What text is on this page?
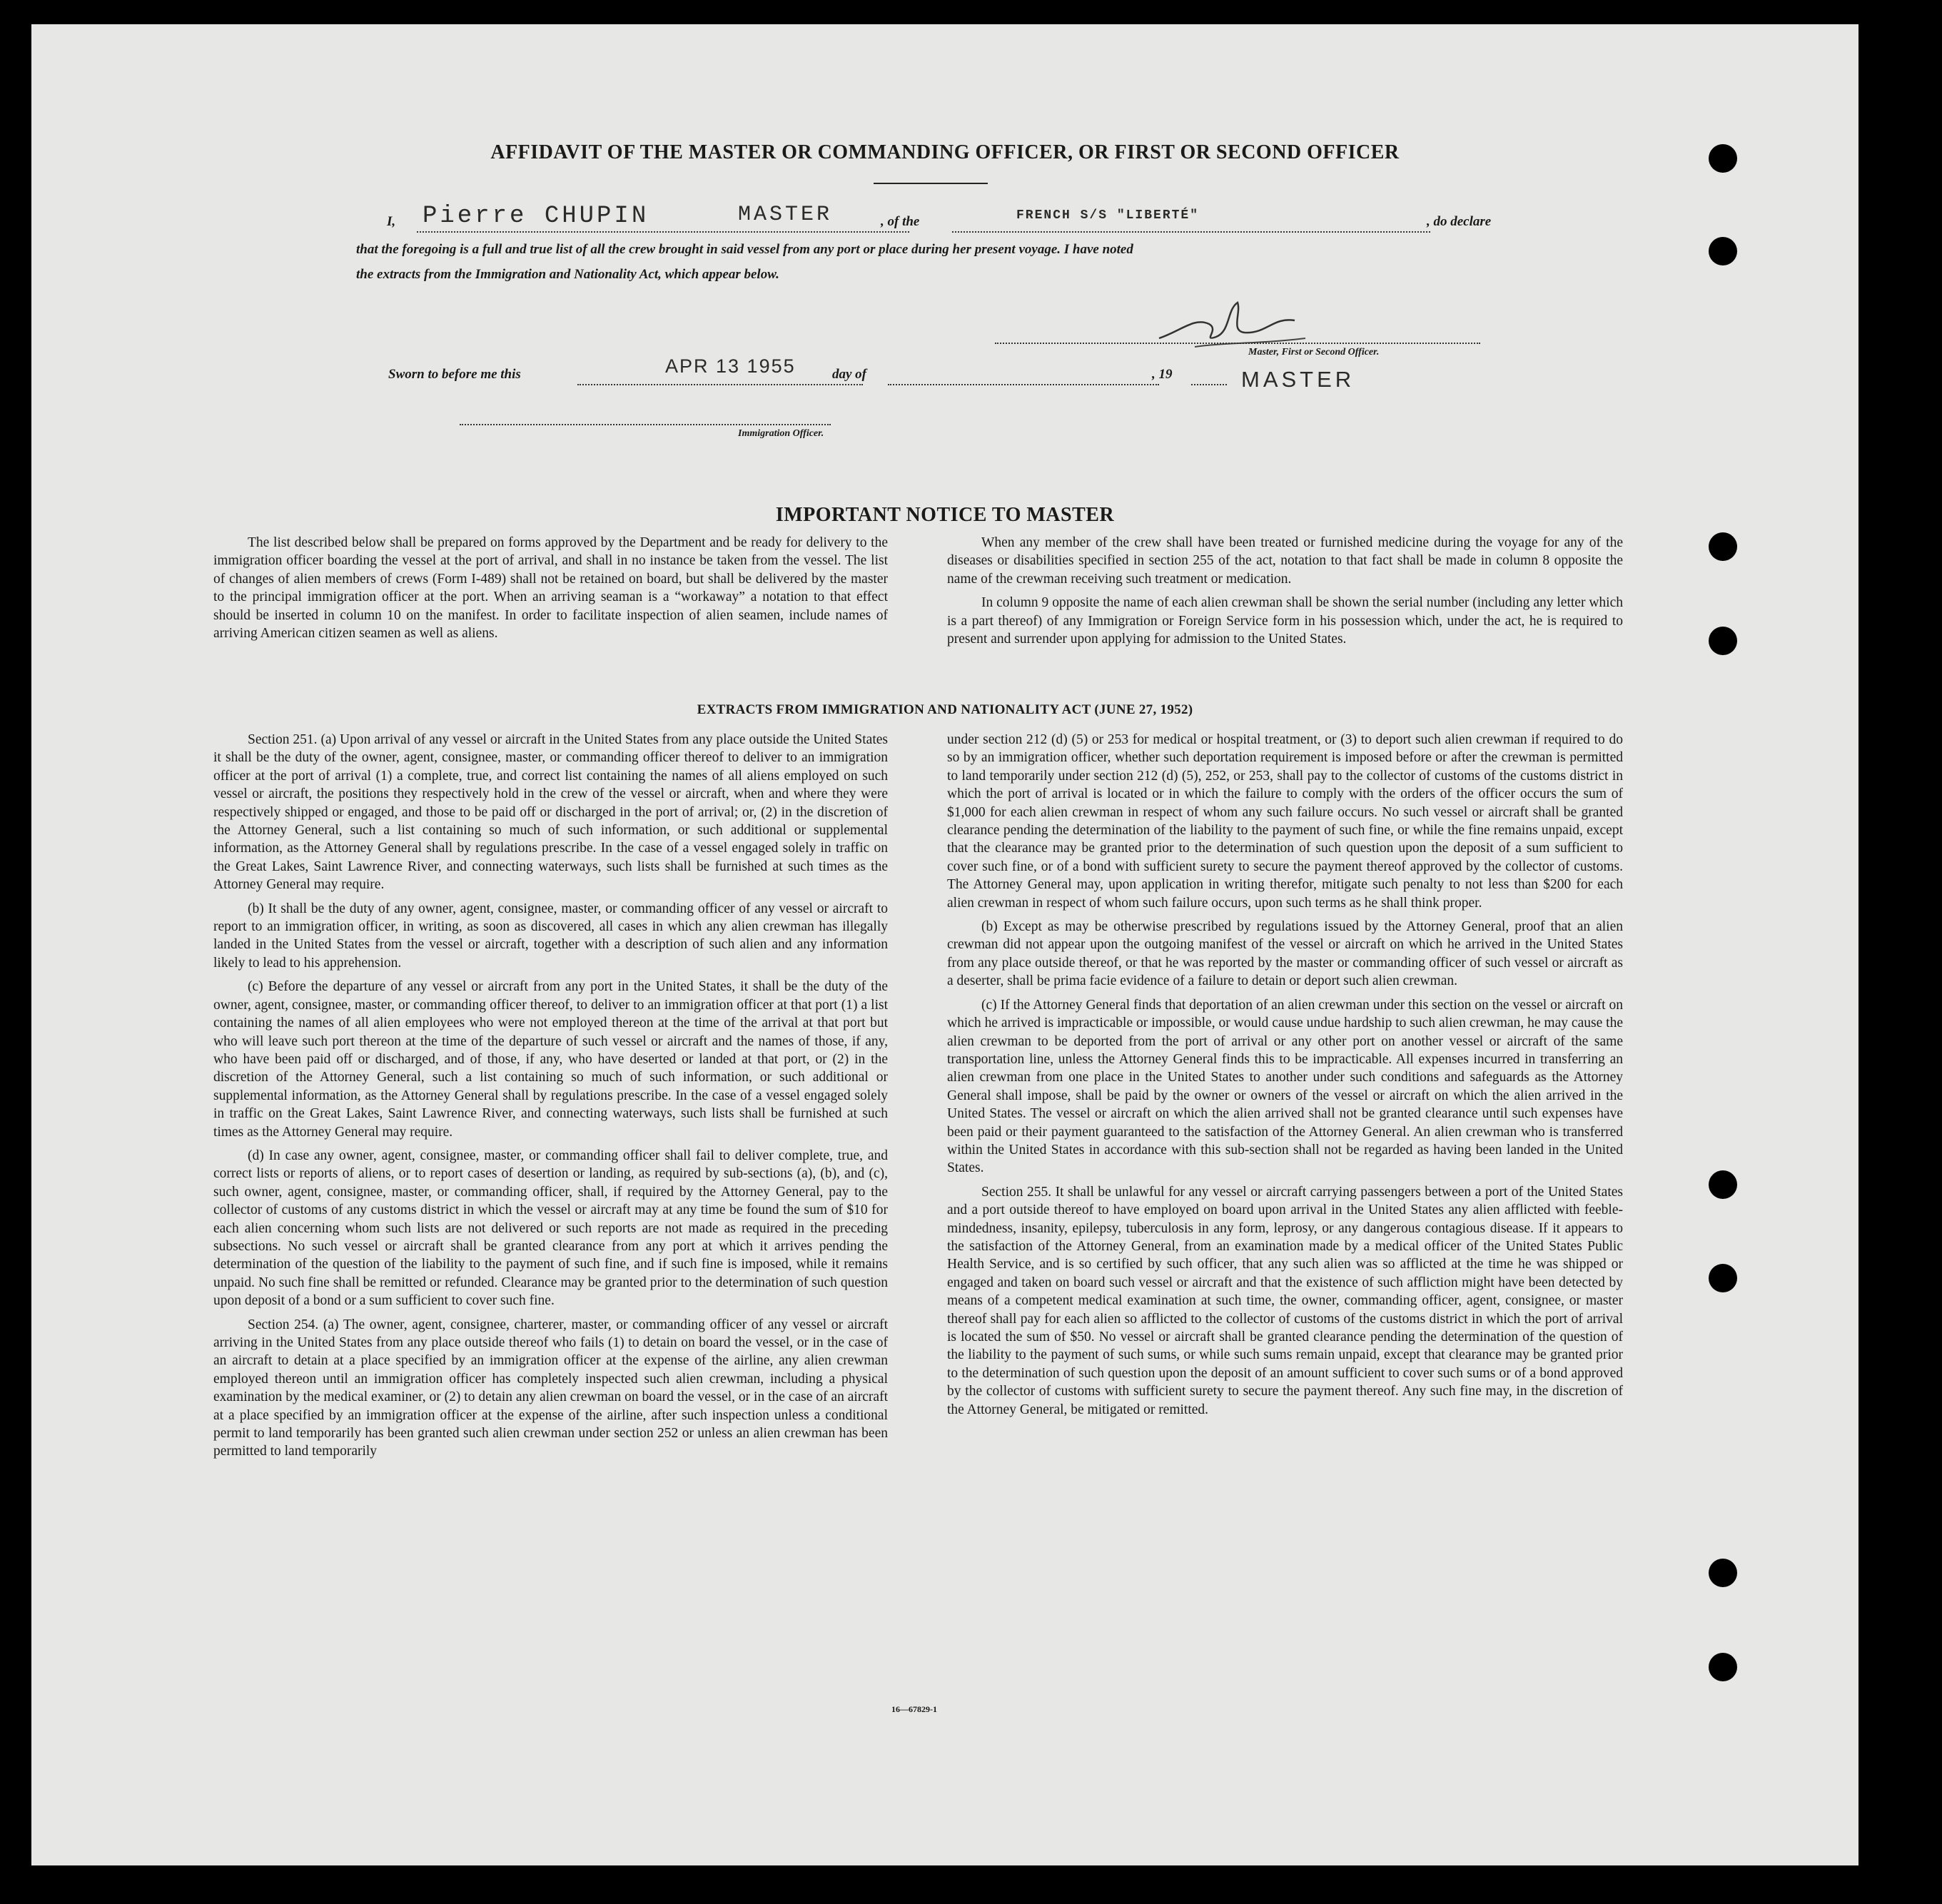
AFFIDAVIT OF THE MASTER OR COMMANDING OFFICER, OR FIRST OR SECOND OFFICER
I, Pierre CHUPIN	MASTER	, of the	FRENCH S/S "LIBERTÉ"	, do declare
that the foregoing is a full and true list of all the crew brought in said vessel from any port or place during her present voyage. I have noted
the extracts from the Immigration and Nationality Act, which appear below.
Master, First or Second Officer.
Sworn to before me this	APR 13 1955	day of	, 19	MASTER
Immigration Officer.
IMPORTANT NOTICE TO MASTER

The list described below shall be prepared on forms approved by the Department and be ready for delivery to the immigration officer boarding the vessel at the port of arrival, and shall in no instance be taken from the vessel. The list of changes of alien members of crews (Form I-489) shall not be retained on board, but shall be delivered by the master to the principal immigration officer at the port. When an arriving seaman is a “workaway” a notation to that effect should be inserted in column 10 on the manifest. In order to facilitate inspection of alien seamen, include names of arriving American citizen seamen as well as aliens.

When any member of the crew shall have been treated or furnished medicine during the voyage for any of the diseases or disabilities specified in section 255 of the act, notation to that fact shall be made in column 8 opposite the name of the crewman receiving such treatment or medication.

In column 9 opposite the name of each alien crewman shall be shown the serial number (including any letter which is a part thereof) of any Immigration or Foreign Service form in his possession which, under the act, he is required to present and surrender upon applying for admission to the United States.

EXTRACTS FROM IMMIGRATION AND NATIONALITY ACT (JUNE 27, 1952)

Section 251. (a) Upon arrival of any vessel or aircraft in the United States from any place outside the United States it shall be the duty of the owner, agent, consignee, master, or commanding officer thereof to deliver to an immigration officer at the port of arrival (1) a complete, true, and correct list containing the names of all aliens employed on such vessel or aircraft, the positions they respectively hold in the crew of the vessel or aircraft, when and where they were respectively shipped or engaged, and those to be paid off or discharged in the port of arrival; or, (2) in the discretion of the Attorney General, such a list containing so much of such information, or such additional or supplemental information, as the Attorney General shall by regulations prescribe. In the case of a vessel engaged solely in traffic on the Great Lakes, Saint Lawrence River, and connecting waterways, such lists shall be furnished at such times as the Attorney General may require.

(b) It shall be the duty of any owner, agent, consignee, master, or commanding officer of any vessel or aircraft to report to an immigration officer, in writing, as soon as discovered, all cases in which any alien crewman has illegally landed in the United States from the vessel or aircraft, together with a description of such alien and any information likely to lead to his apprehension.

(c) Before the departure of any vessel or aircraft from any port in the United States, it shall be the duty of the owner, agent, consignee, master, or commanding officer thereof, to deliver to an immigration officer at that port (1) a list containing the names of all alien employees who were not employed thereon at the time of the arrival at that port but who will leave such port thereon at the time of the departure of such vessel or aircraft and the names of those, if any, who have been paid off or discharged, and of those, if any, who have deserted or landed at that port, or (2) in the discretion of the Attorney General, such a list containing so much of such information, or such additional or supplemental information, as the Attorney General shall by regulations prescribe. In the case of a vessel engaged solely in traffic on the Great Lakes, Saint Lawrence River, and connecting waterways, such lists shall be furnished at such times as the Attorney General may require.

(d) In case any owner, agent, consignee, master, or commanding officer shall fail to deliver complete, true, and correct lists or reports of aliens, or to report cases of desertion or landing, as required by sub-sections (a), (b), and (c), such owner, agent, consignee, master, or commanding officer, shall, if required by the Attorney General, pay to the collector of customs of any customs district in which the vessel or aircraft may at any time be found the sum of $10 for each alien concerning whom such lists are not delivered or such reports are not made as required in the preceding subsections. No such vessel or aircraft shall be granted clearance from any port at which it arrives pending the determination of the question of the liability to the payment of such fine, and if such fine is imposed, while it remains unpaid. No such fine shall be remitted or refunded. Clearance may be granted prior to the determination of such question upon deposit of a bond or a sum sufficient to cover such fine.

Section 254. (a) The owner, agent, consignee, charterer, master, or commanding officer of any vessel or aircraft arriving in the United States from any place outside thereof who fails (1) to detain on board the vessel, or in the case of an aircraft to detain at a place specified by an immigration officer at the expense of the airline, any alien crewman employed thereon until an immigration officer has completely inspected such alien crewman, including a physical examination by the medical examiner, or (2) to detain any alien crewman on board the vessel, or in the case of an aircraft at a place specified by an immigration officer at the expense of the airline, after such inspection unless a conditional permit to land temporarily has been granted such alien crewman under section 252 or unless an alien crewman has been permitted to land temporarily

under section 212 (d) (5) or 253 for medical or hospital treatment, or (3) to deport such alien crewman if required to do so by an immigration officer, whether such deportation requirement is imposed before or after the crewman is permitted to land temporarily under section 212 (d) (5), 252, or 253, shall pay to the collector of customs of the customs district in which the port of arrival is located or in which the failure to comply with the orders of the officer occurs the sum of $1,000 for each alien crewman in respect of whom any such failure occurs. No such vessel or aircraft shall be granted clearance pending the determination of the liability to the payment of such fine, or while the fine remains unpaid, except that the clearance may be granted prior to the determination of such question upon the deposit of a sum sufficient to cover such fine, or of a bond with sufficient surety to secure the payment thereof approved by the collector of customs. The Attorney General may, upon application in writing therefor, mitigate such penalty to not less than $200 for each alien crewman in respect of whom such failure occurs, upon such terms as he shall think proper.

(b) Except as may be otherwise prescribed by regulations issued by the Attorney General, proof that an alien crewman did not appear upon the outgoing manifest of the vessel or aircraft on which he arrived in the United States from any place outside thereof, or that he was reported by the master or commanding officer of such vessel or aircraft as a deserter, shall be prima facie evidence of a failure to detain or deport such alien crewman.

(c) If the Attorney General finds that deportation of an alien crewman under this section on the vessel or aircraft on which he arrived is impracticable or impossible, or would cause undue hardship to such alien crewman, he may cause the alien crewman to be deported from the port of arrival or any other port on another vessel or aircraft of the same transportation line, unless the Attorney General finds this to be impracticable. All expenses incurred in transferring an alien crewman from one place in the United States to another under such conditions and safeguards as the Attorney General shall impose, shall be paid by the owner or owners of the vessel or aircraft on which the alien arrived in the United States. The vessel or aircraft on which the alien arrived shall not be granted clearance until such expenses have been paid or their payment guaranteed to the satisfaction of the Attorney General. An alien crewman who is transferred within the United States in accordance with this sub-section shall not be regarded as having been landed in the United States.

Section 255. It shall be unlawful for any vessel or aircraft carrying passengers between a port of the United States and a port outside thereof to have employed on board upon arrival in the United States any alien afflicted with feeble-mindedness, insanity, epilepsy, tuberculosis in any form, leprosy, or any dangerous contagious disease. If it appears to the satisfaction of the Attorney General, from an examination made by a medical officer of the United States Public Health Service, and is so certified by such officer, that any such alien was so afflicted at the time he was shipped or engaged and taken on board such vessel or aircraft and that the existence of such affliction might have been detected by means of a competent medical examination at such time, the owner, commanding officer, agent, consignee, or master thereof shall pay for each alien so afflicted to the collector of customs of the customs district in which the port of arrival is located the sum of $50. No vessel or aircraft shall be granted clearance pending the determination of the question of the liability to the payment of such sums, or while such sums remain unpaid, except that clearance may be granted prior to the determination of such question upon the deposit of an amount sufficient to cover such sums or of a bond approved by the collector of customs with sufficient surety to secure the payment thereof. Any such fine may, in the discretion of the Attorney General, be mitigated or remitted.

16—67829-1
